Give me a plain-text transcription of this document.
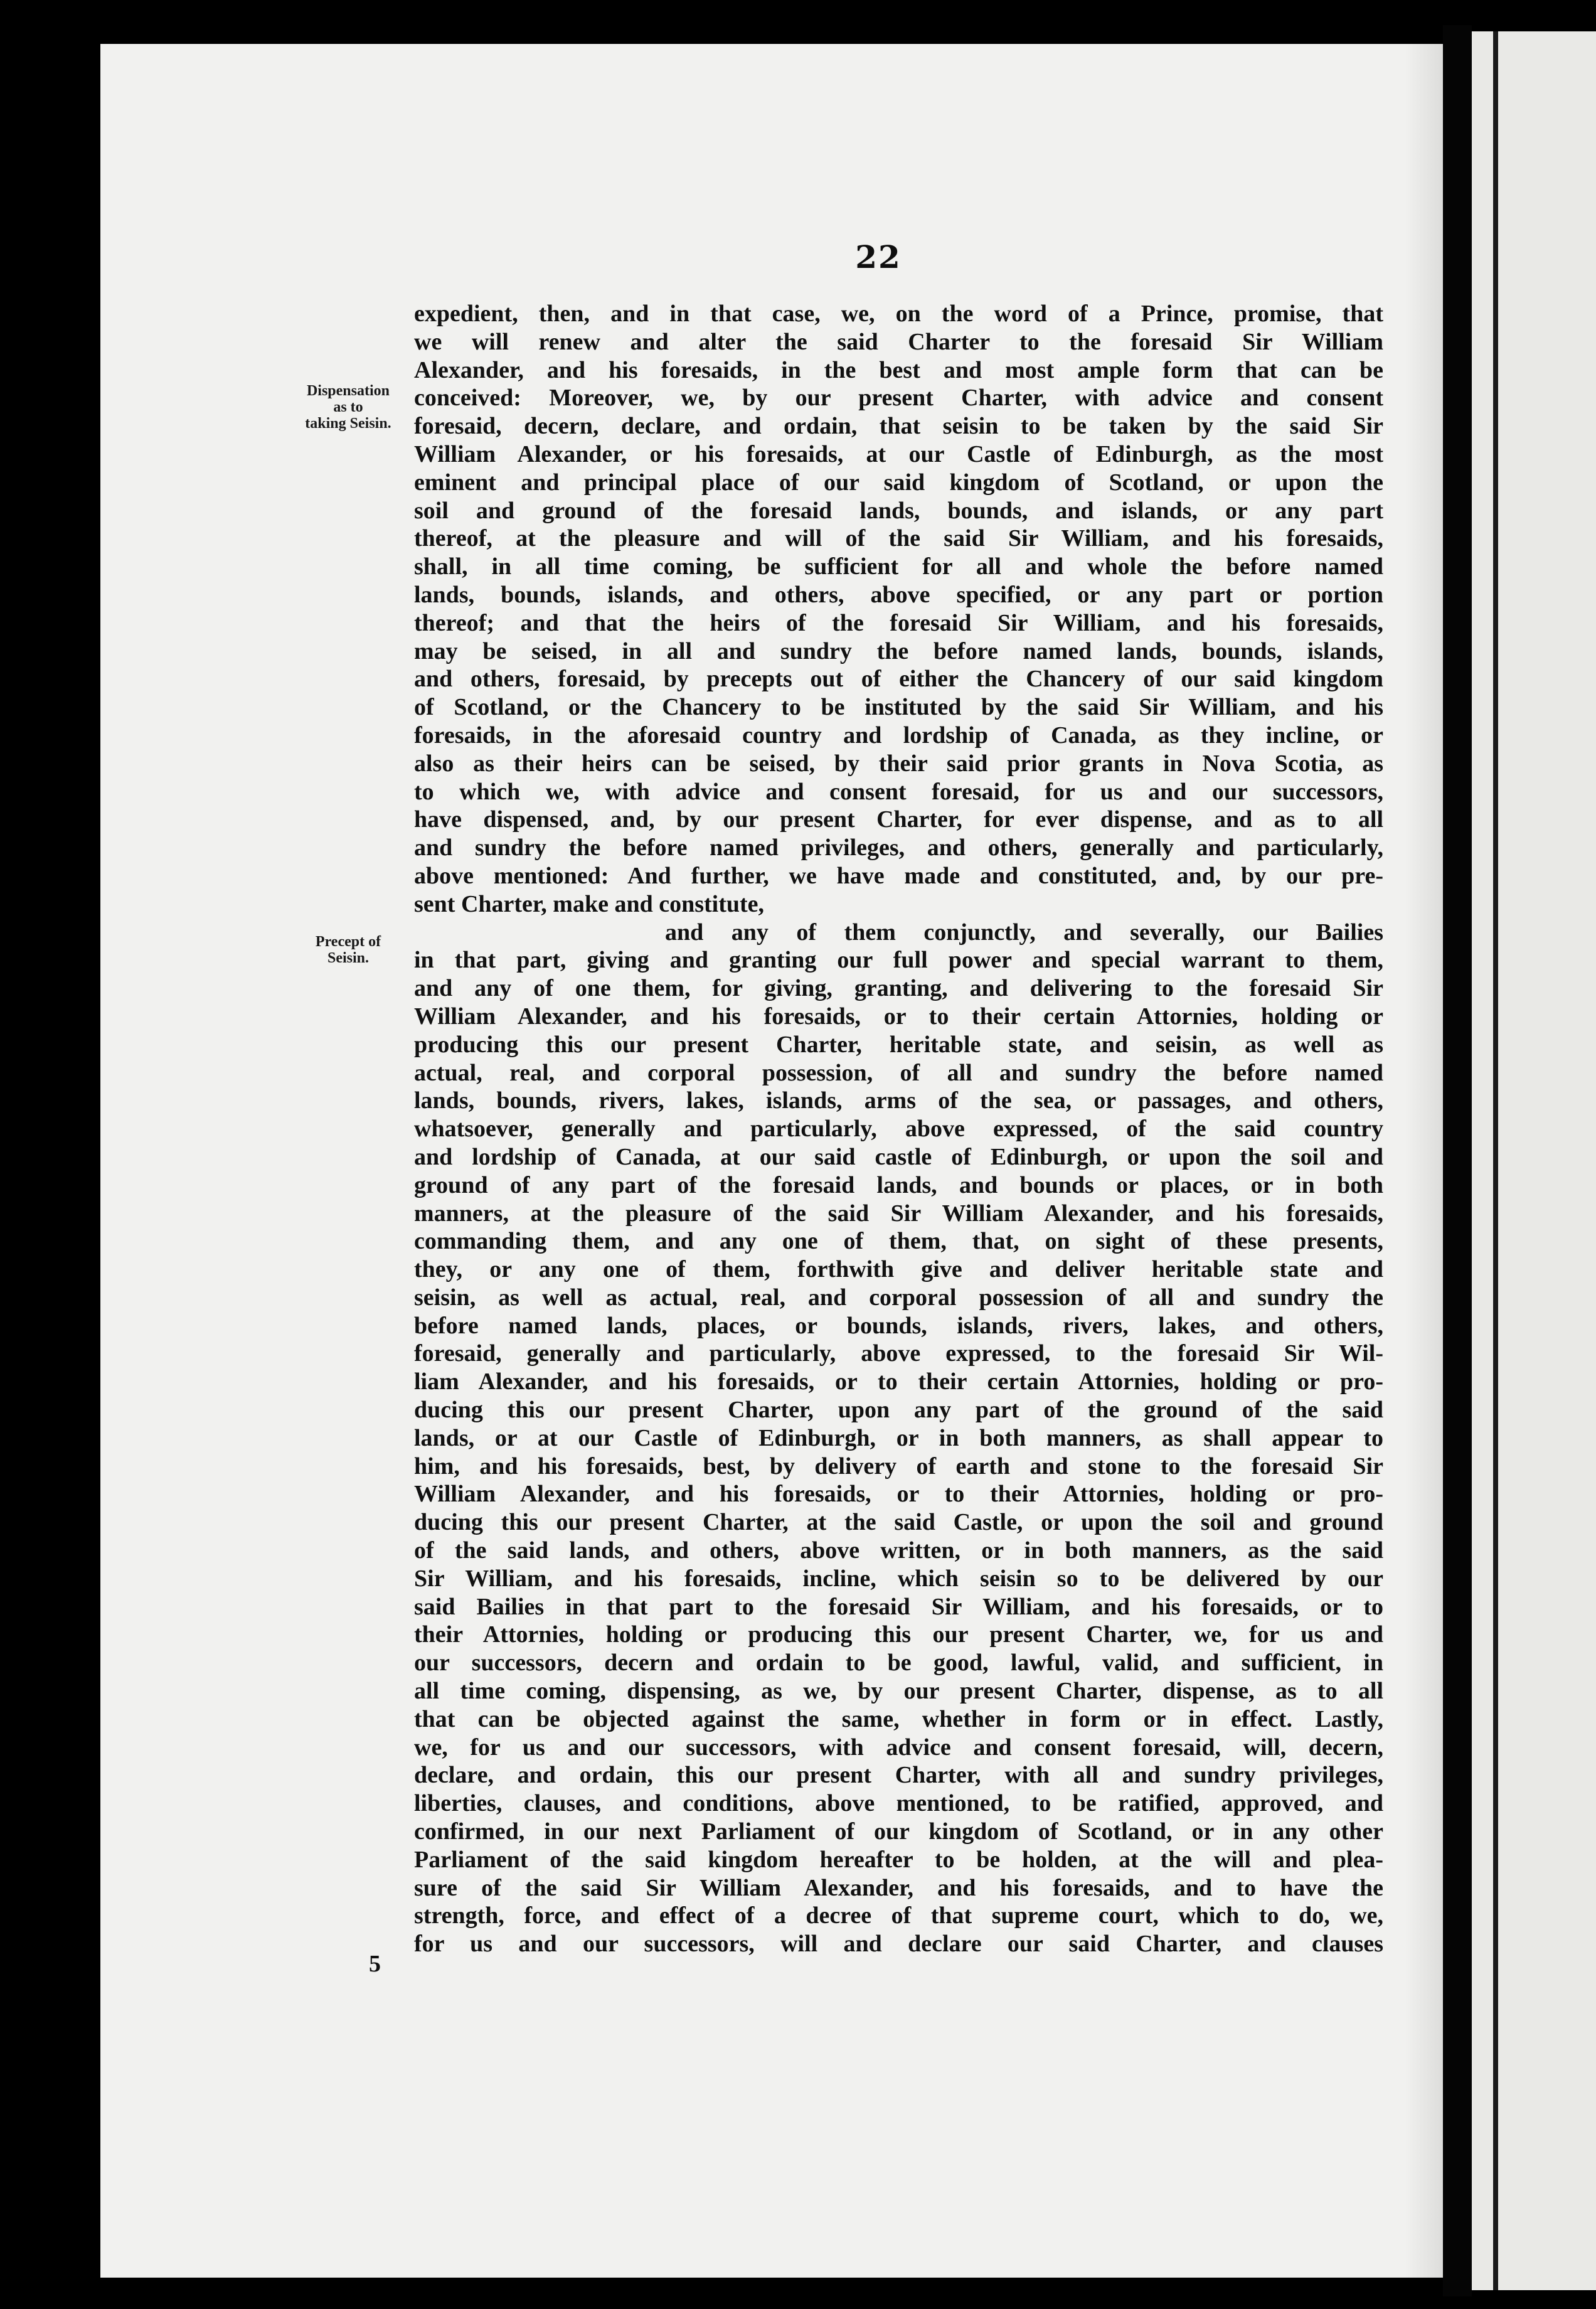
22
Dispensation
as to
taking Seisin.
Precept of
Seisin.
5
expedient, then, and in that case, we, on the word of a Prince, promise, that
we will renew and alter the said Charter to the foresaid Sir William
Alexander, and his foresaids, in the best and most ample form that can be
conceived: Moreover, we, by our present Charter, with advice and consent
foresaid, decern, declare, and ordain, that seisin to be taken by the said Sir
William Alexander, or his foresaids, at our Castle of Edinburgh, as the most
eminent and principal place of our said kingdom of Scotland, or upon the
soil and ground of the foresaid lands, bounds, and islands, or any part
thereof, at the pleasure and will of the said Sir William, and his foresaids,
shall, in all time coming, be sufficient for all and whole the before named
lands, bounds, islands, and others, above specified, or any part or portion
thereof; and that the heirs of the foresaid Sir William, and his foresaids,
may be seised, in all and sundry the before named lands, bounds, islands,
and others, foresaid, by precepts out of either the Chancery of our said kingdom
of Scotland, or the Chancery to be instituted by the said Sir William, and his
foresaids, in the aforesaid country and lordship of Canada, as they incline, or
also as their heirs can be seised, by their said prior grants in Nova Scotia, as
to which we, with advice and consent foresaid, for us and our successors,
have dispensed, and, by our present Charter, for ever dispense, and as to all
and sundry the before named privileges, and others, generally and particularly,
above mentioned: And further, we have made and constituted, and, by our pre-
sent Charter, make and constitute,
and any of them conjunctly, and severally, our Bailies
in that part, giving and granting our full power and special warrant to them,
and any of one them, for giving, granting, and delivering to the foresaid Sir
William Alexander, and his foresaids, or to their certain Attornies, holding or
producing this our present Charter, heritable state, and seisin, as well as
actual, real, and corporal possession, of all and sundry the before named
lands, bounds, rivers, lakes, islands, arms of the sea, or passages, and others,
whatsoever, generally and particularly, above expressed, of the said country
and lordship of Canada, at our said castle of Edinburgh, or upon the soil and
ground of any part of the foresaid lands, and bounds or places, or in both
manners, at the pleasure of the said Sir William Alexander, and his foresaids,
commanding them, and any one of them, that, on sight of these presents,
they, or any one of them, forthwith give and deliver heritable state and
seisin, as well as actual, real, and corporal possession of all and sundry the
before named lands, places, or bounds, islands, rivers, lakes, and others,
foresaid, generally and particularly, above expressed, to the foresaid Sir Wil-
liam Alexander, and his foresaids, or to their certain Attornies, holding or pro-
ducing this our present Charter, upon any part of the ground of the said
lands, or at our Castle of Edinburgh, or in both manners, as shall appear to
him, and his foresaids, best, by delivery of earth and stone to the foresaid Sir
William Alexander, and his foresaids, or to their Attornies, holding or pro-
ducing this our present Charter, at the said Castle, or upon the soil and ground
of the said lands, and others, above written, or in both manners, as the said
Sir William, and his foresaids, incline, which seisin so to be delivered by our
said Bailies in that part to the foresaid Sir William, and his foresaids, or to
their Attornies, holding or producing this our present Charter, we, for us and
our successors, decern and ordain to be good, lawful, valid, and sufficient, in
all time coming, dispensing, as we, by our present Charter, dispense, as to all
that can be objected against the same, whether in form or in effect. Lastly,
we, for us and our successors, with advice and consent foresaid, will, decern,
declare, and ordain, this our present Charter, with all and sundry privileges,
liberties, clauses, and conditions, above mentioned, to be ratified, approved, and
confirmed, in our next Parliament of our kingdom of Scotland, or in any other
Parliament of the said kingdom hereafter to be holden, at the will and plea-
sure of the said Sir William Alexander, and his foresaids, and to have the
strength, force, and effect of a decree of that supreme court, which to do, we,
for us and our successors, will and declare our said Charter, and clauses
